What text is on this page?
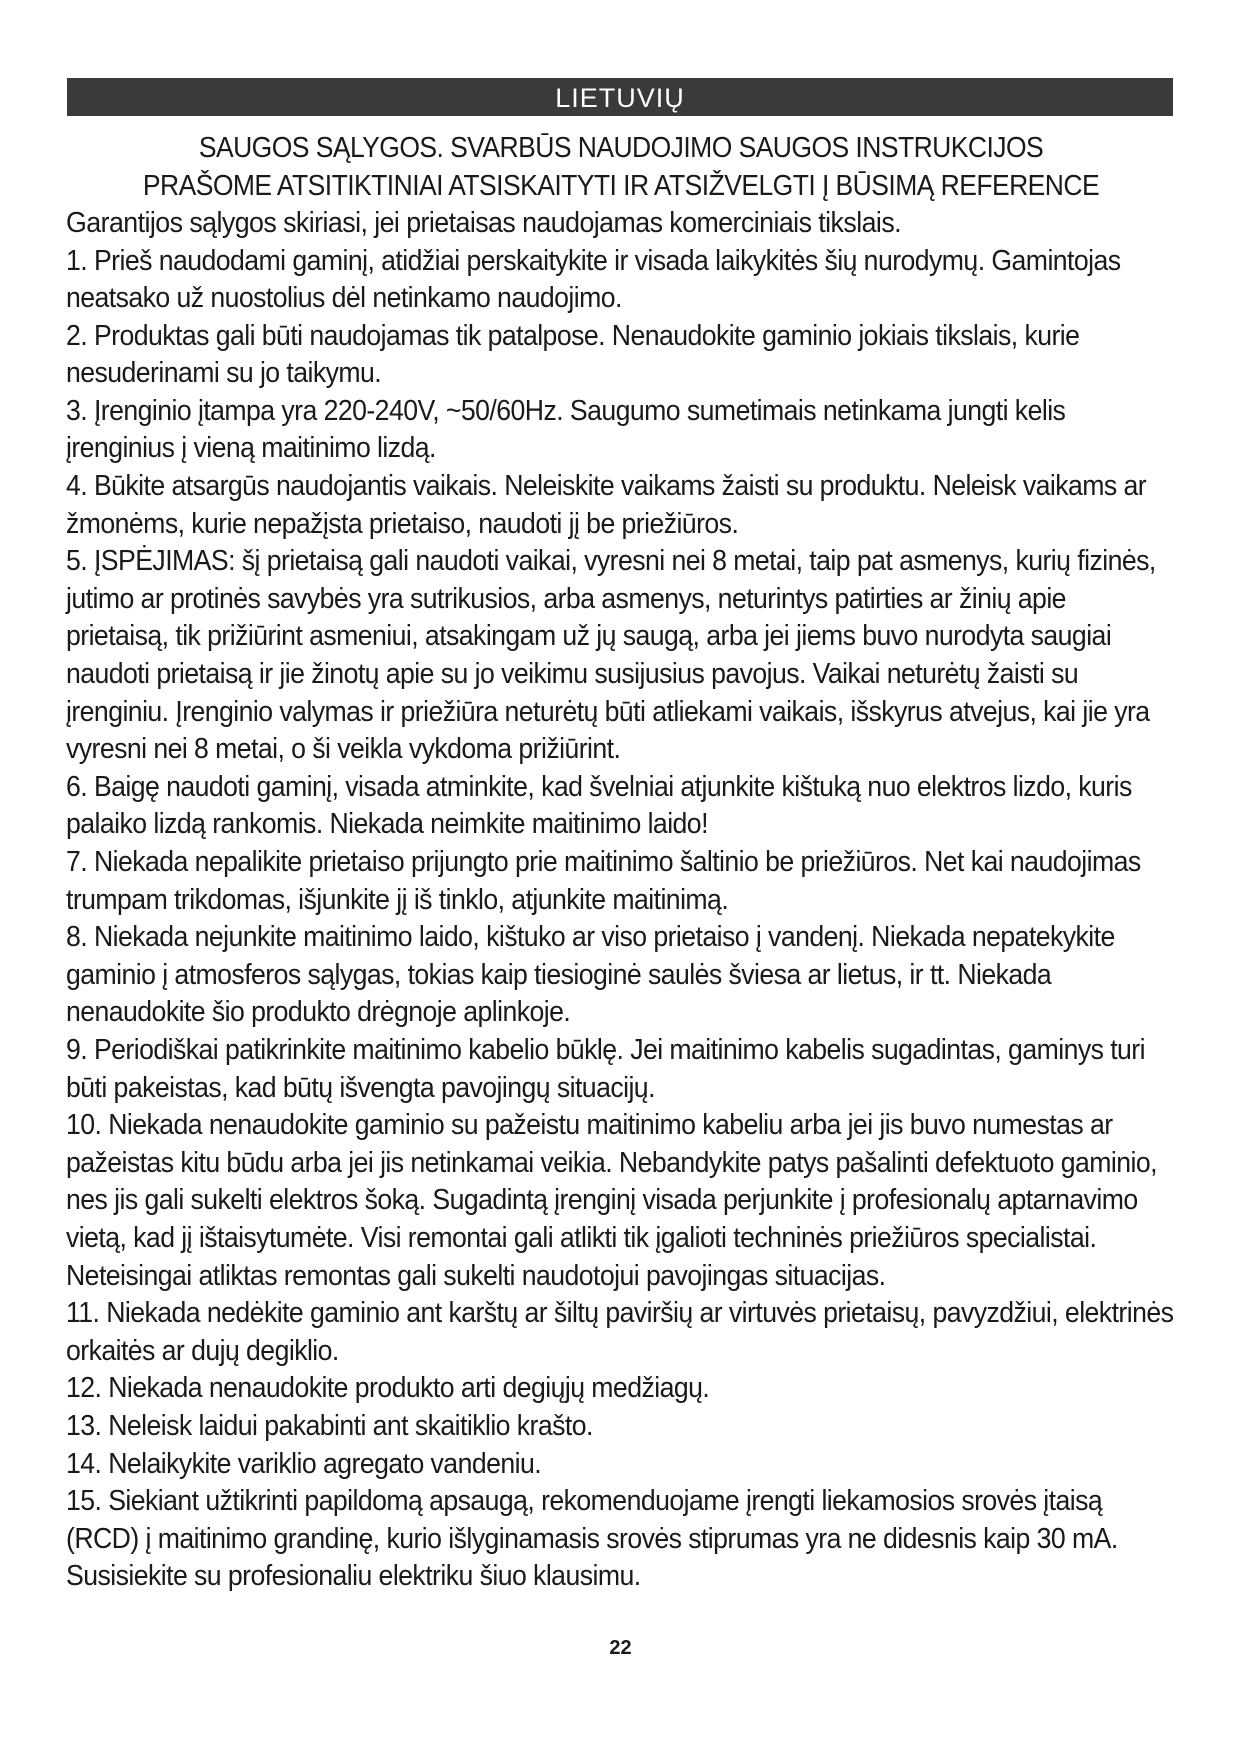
LIETUVIŲ

SAUGOS SĄLYGOS. SVARBŪS NAUDOJIMO SAUGOS INSTRUKCIJOS

PRAŠOME ATSITIKTINIAI ATSISKAITYTI IR ATSIŽVELGTI Į BŪSIMĄ REFERENCE

Garantijos sąlygos skiriasi, jei prietaisas naudojamas komerciniais tikslais.

1. Prieš naudodami gaminį, atidžiai perskaitykite ir visada laikykitės šių nurodymų. Gamintojas neatsako už nuostolius dėl netinkamo naudojimo.

2. Produktas gali būti naudojamas tik patalpose. Nenaudokite gaminio jokiais tikslais, kurie nesuderinami su jo taikymu.

3. Įrenginio įtampa yra 220-240V, ~50/60Hz. Saugumo sumetimais netinkama jungti kelis įrenginius į vieną maitinimo lizdą.

4. Būkite atsargūs naudojantis vaikais. Neleiskite vaikams žaisti su produktu. Neleisk vaikams ar žmonėms, kurie nepažįsta prietaiso, naudoti jį be priežiūros.

5. ĮSPĖJIMAS: šį prietaisą gali naudoti vaikai, vyresni nei 8 metai, taip pat asmenys, kurių fizinės, jutimo ar protinės savybės yra sutrikusios, arba asmenys, neturintys patirties ar žinių apie prietaisą, tik prižiūrint asmeniui, atsakingam už jų saugą, arba jei jiems buvo nurodyta saugiai naudoti prietaisą ir jie žinotų apie su jo veikimu susijusius pavojus. Vaikai neturėtų žaisti su įrenginiu. Įrenginio valymas ir priežiūra neturėtų būti atliekami vaikais, išskyrus atvejus, kai jie yra vyresni nei 8 metai, o ši veikla vykdoma prižiūrint.

6. Baigę naudoti gaminį, visada atminkite, kad švelniai atjunkite kištuką nuo elektros lizdo, kuris palaiko lizdą rankomis. Niekada neimkite maitinimo laido!

7. Niekada nepalikite prietaiso prijungto prie maitinimo šaltinio be priežiūros. Net kai naudojimas trumpam trikdomas, išjunkite jį iš tinklo, atjunkite maitinimą.

8. Niekada nejunkite maitinimo laido, kištuko ar viso prietaiso į vandenį. Niekada nepatekykite gaminio į atmosferos sąlygas, tokias kaip tiesioginė saulės šviesa ar lietus, ir tt. Niekada nenaudokite šio produkto drėgnoje aplinkoje.

9. Periodiškai patikrinkite maitinimo kabelio būklę. Jei maitinimo kabelis sugadintas, gaminys turi būti pakeistas, kad būtų išvengta pavojingų situacijų.

10. Niekada nenaudokite gaminio su pažeistu maitinimo kabeliu arba jei jis buvo numestas ar pažeistas kitu būdu arba jei jis netinkamai veikia. Nebandykite patys pašalinti defektuoto gaminio, nes jis gali sukelti elektros šoką. Sugadintą įrenginį visada perjunkite į profesionalų aptarnavimo vietą, kad jį ištaisytumėte. Visi remontai gali atlikti tik įgalioti techninės priežiūros specialistai. Neteisingai atliktas remontas gali sukelti naudotojui pavojingas situacijas.

11. Niekada nedėkite gaminio ant karštų ar šiltų paviršių ar virtuvės prietaisų, pavyzdžiui, elektrinės orkaitės ar dujų degiklio.

12. Niekada nenaudokite produkto arti degiųjų medžiagų.

13. Neleisk laidui pakabinti ant skaitiklio krašto.

14. Nelaikykite variklio agregato vandeniu.

15. Siekiant užtikrinti papildomą apsaugą, rekomenduojame įrengti liekamosios srovės įtaisą (RCD) į maitinimo grandinę, kurio išlyginamasis srovės stiprumas yra ne didesnis kaip 30 mA. Susisiekite su profesionaliu elektriku šiuo klausimu.

22
